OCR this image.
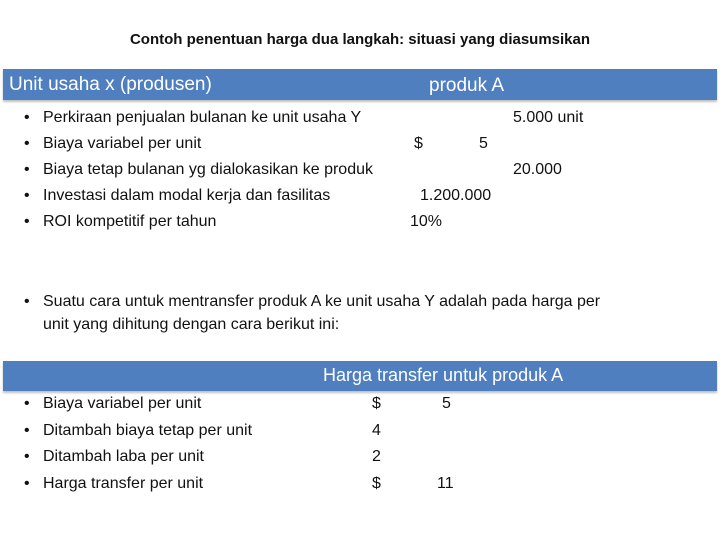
Contoh penentuan harga dua langkah: situasi yang diasumsikan
Unit usaha x (produsen)	produk A
• Perkiraan penjualan bulanan ke unit usaha Y	5.000 unit
• Biaya variabel per unit	$	5
• Biaya tetap bulanan yg dialokasikan ke produk	20.000
• Investasi dalam modal kerja dan fasilitas	1.200.000
• ROI kompetitif per tahun	10%
• Suatu cara untuk mentransfer produk A ke unit usaha Y adalah pada harga per
unit yang dihitung dengan cara berikut ini:
Harga transfer untuk produk A
• Biaya variabel per unit	$	5
• Ditambah biaya tetap per unit	4
• Ditambah laba per unit	2
• Harga transfer per unit	$	11
